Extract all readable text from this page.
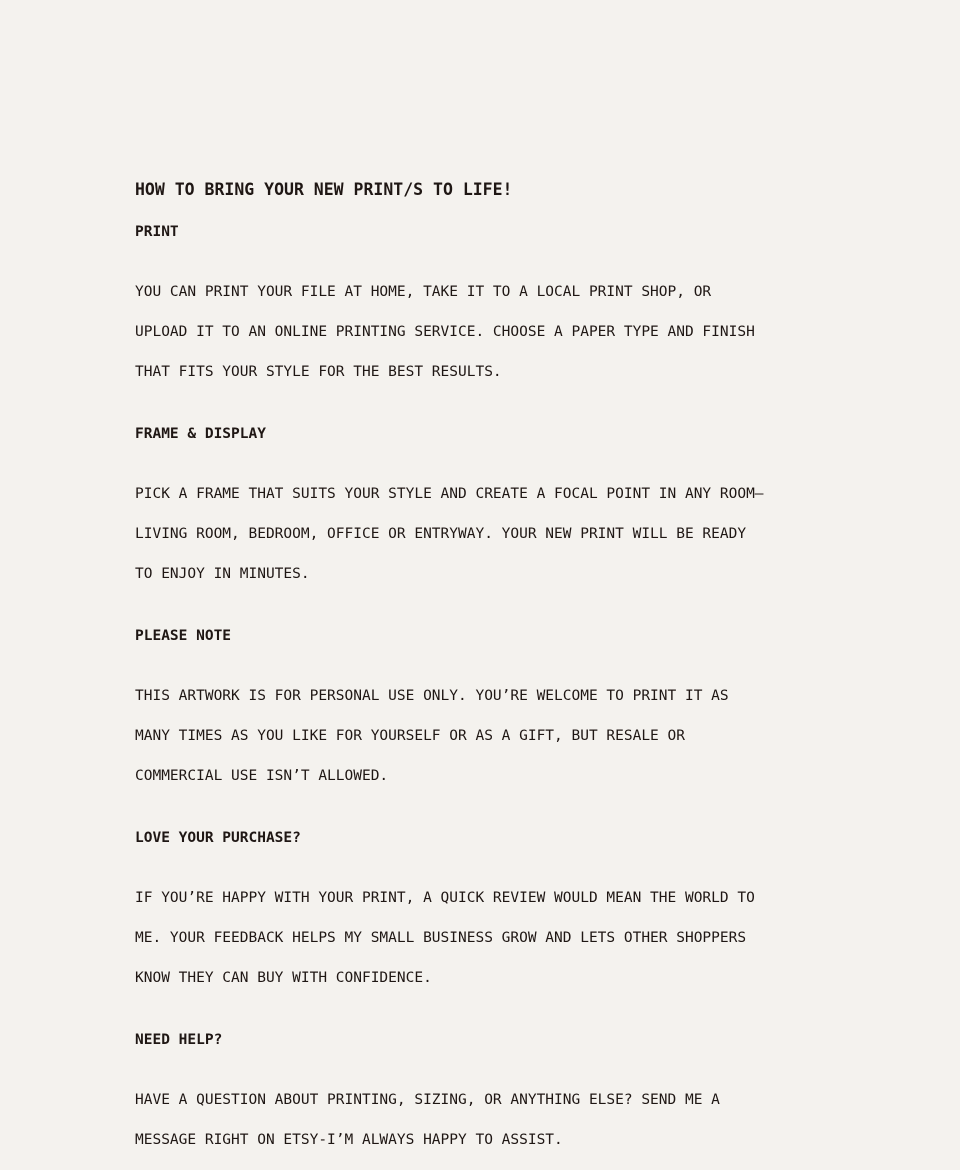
HOW TO BRING YOUR NEW PRINT/S TO LIFE!
PRINT

YOU CAN PRINT YOUR FILE AT HOME, TAKE IT TO A LOCAL PRINT SHOP, OR

UPLOAD IT TO AN ONLINE PRINTING SERVICE. CHOOSE A PAPER TYPE AND FINISH

THAT FITS YOUR STYLE FOR THE BEST RESULTS.

FRAME & DISPLAY

PICK A FRAME THAT SUITS YOUR STYLE AND CREATE A FOCAL POINT IN ANY ROOM—

LIVING ROOM, BEDROOM, OFFICE OR ENTRYWAY. YOUR NEW PRINT WILL BE READY

TO ENJOY IN MINUTES.

PLEASE NOTE

THIS ARTWORK IS FOR PERSONAL USE ONLY. YOU’RE WELCOME TO PRINT IT AS

MANY TIMES AS YOU LIKE FOR YOURSELF OR AS A GIFT, BUT RESALE OR

COMMERCIAL USE ISN’T ALLOWED.

LOVE YOUR PURCHASE?

IF YOU’RE HAPPY WITH YOUR PRINT, A QUICK REVIEW WOULD MEAN THE WORLD TO

ME. YOUR FEEDBACK HELPS MY SMALL BUSINESS GROW AND LETS OTHER SHOPPERS

KNOW THEY CAN BUY WITH CONFIDENCE.

NEED HELP?

HAVE A QUESTION ABOUT PRINTING, SIZING, OR ANYTHING ELSE? SEND ME A

MESSAGE RIGHT ON ETSY-I’M ALWAYS HAPPY TO ASSIST.
